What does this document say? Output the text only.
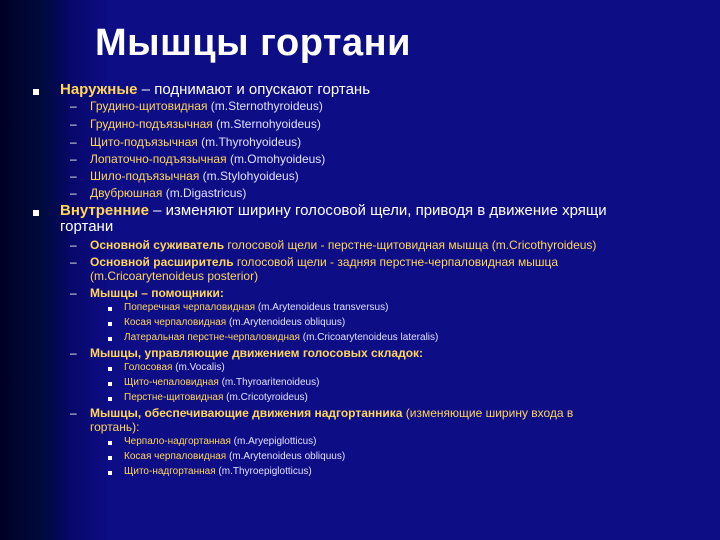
Мышцы гортани
Наружные – поднимают и опускают гортань
– Грудино-щитовидная (m.Sternothyroideus)
– Грудино-подъязычная (m.Sternohyoideus)
– Щито-подъязычная (m.Thyrohyoideus)
– Лопаточно-подъязычная (m.Omohyoideus)
– Шило-подъязычная (m.Stylohyoideus)
– Двубрюшная (m.Digastricus)
Внутренние – изменяют ширину голосовой щели, приводя в движение хрящи
гортани
– Основной суживатель голосовой щели - перстне-щитовидная мышца (m.Cricothyroideus)
– Основной расширитель голосовой щели - задняя перстне-черпаловидная мышца
(m.Cricoarytenoideus posterior)
– Мышцы – помощники:
Поперечная черпаловидная (m.Arytenoideus transversus)
Косая черпаловидная (m.Arytenoideus obliquus)
Латеральная перстне-черпаловидная (m.Cricoarytenoideus lateralis)
– Мышцы, управляющие движением голосовых складок:
Голосовая (m.Vocalis)
Щито-чепаловидная (m.Thyroaritenoideus)
Перстне-щитовидная (m.Cricotyroideus)
– Мышцы, обеспечивающие движения надгортанника (изменяющие ширину входа в
гортань):
Черпало-надгортанная (m.Aryepiglotticus)
Косая черпаловидная (m.Arytenoideus obliquus)
Щито-надгортанная (m.Thyroepiglotticus)
